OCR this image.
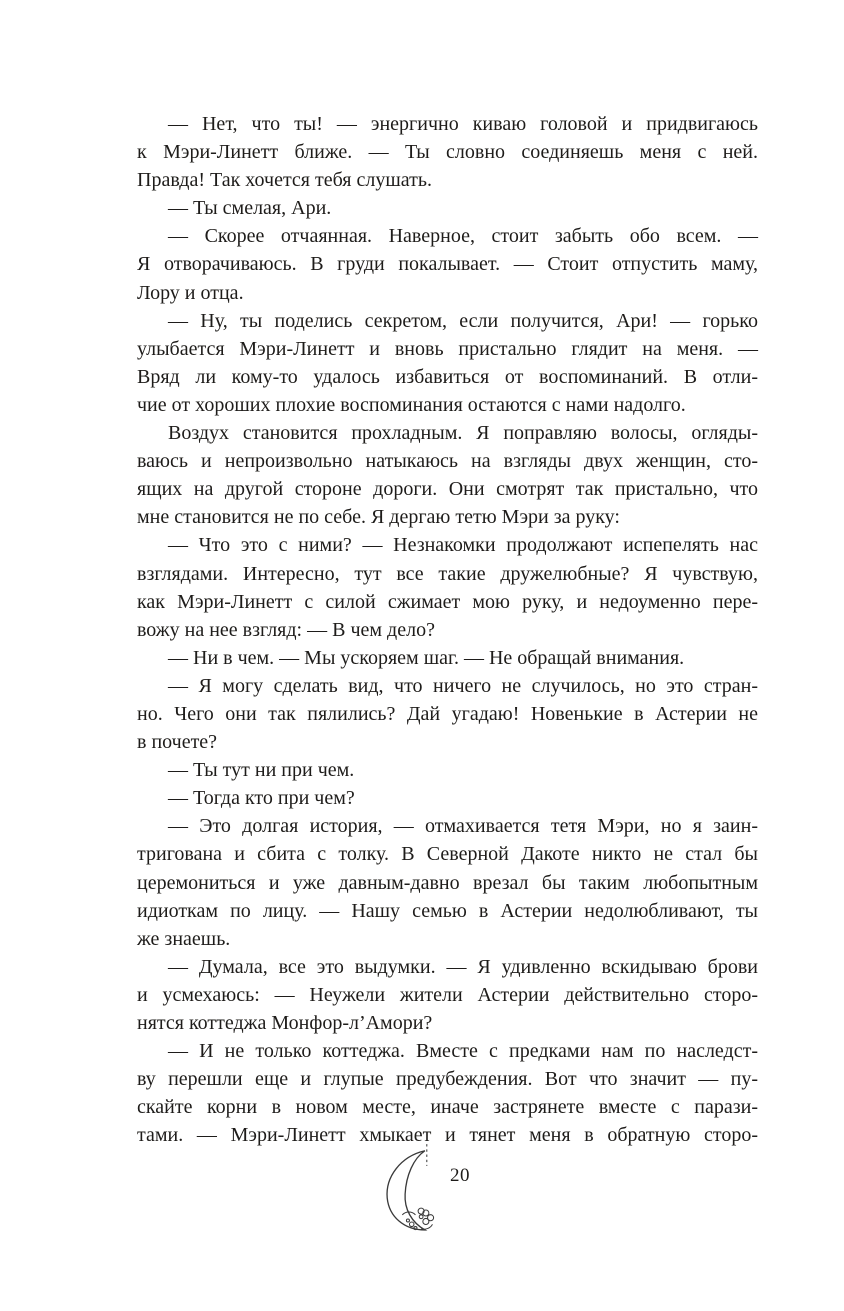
— Нет, что ты! — энергично киваю головой и придвигаюсь
к Мэри-Линетт ближе. — Ты словно соединяешь меня с ней.
Правда! Так хочется тебя слушать.
— Ты смелая, Ари.
— Скорее отчаянная. Наверное, стоит забыть обо всем. —
Я отворачиваюсь. В груди покалывает. — Стоит отпустить маму,
Лору и отца.
— Ну, ты поделись секретом, если получится, Ари! — горько
улыбается Мэри-Линетт и вновь пристально глядит на меня. —
Вряд ли кому-то удалось избавиться от воспоминаний. В отли-
чие от хороших плохие воспоминания остаются с нами надолго.
Воздух становится прохладным. Я поправляю волосы, огляды-
ваюсь и непроизвольно натыкаюсь на взгляды двух женщин, сто-
ящих на другой стороне дороги. Они смотрят так пристально, что
мне становится не по себе. Я дергаю тетю Мэри за руку:
— Что это с ними? — Незнакомки продолжают испепелять нас
взглядами. Интересно, тут все такие дружелюбные? Я чувствую,
как Мэри-Линетт с силой сжимает мою руку, и недоуменно пере-
вожу на нее взгляд: — В чем дело?
— Ни в чем. — Мы ускоряем шаг. — Не обращай внимания.
— Я могу сделать вид, что ничего не случилось, но это стран-
но. Чего они так пялились? Дай угадаю! Новенькие в Астерии не
в почете?
— Ты тут ни при чем.
— Тогда кто при чем?
— Это долгая история, — отмахивается тетя Мэри, но я заин-
тригована и сбита с толку. В Северной Дакоте никто не стал бы
церемониться и уже давным-давно врезал бы таким любопытным
идиоткам по лицу. — Нашу семью в Астерии недолюбливают, ты
же знаешь.
— Думала, все это выдумки. — Я удивленно вскидываю брови
и усмехаюсь: — Неужели жители Астерии действительно сторо-
нятся коттеджа Монфор-л’Амори?
— И не только коттеджа. Вместе с предками нам по наследст-
ву перешли еще и глупые предубеждения. Вот что значит — пу-
скайте корни в новом месте, иначе застрянете вместе с парази-
тами. — Мэри-Линетт хмыкает и тянет меня в обратную сторо-
20
